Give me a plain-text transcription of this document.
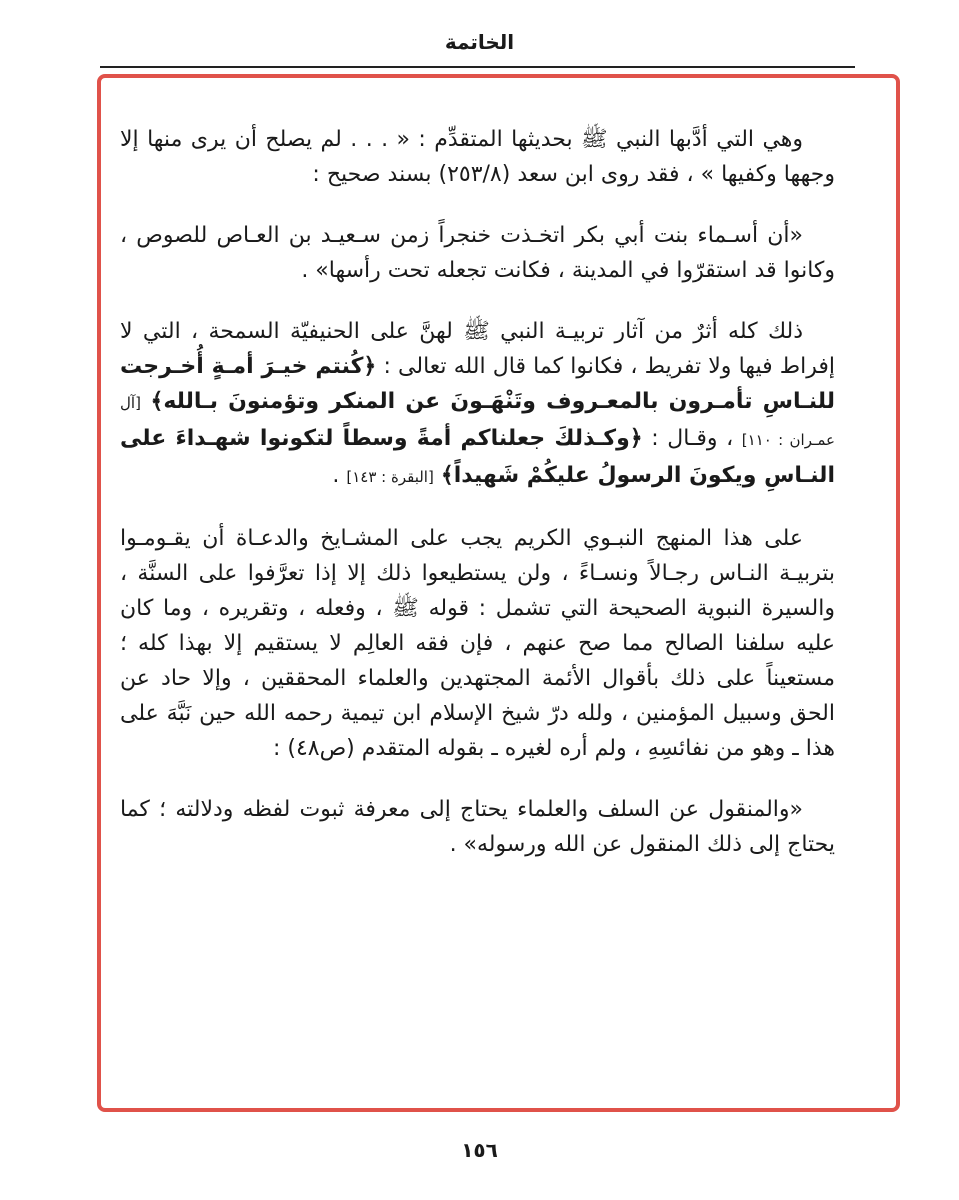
الخاتمة

وهي التي أدَّبها النبي ﷺ بحديثها المتقدِّم : « . . . لم يصلح أن يرى منها إلا وجهها وكفيها » ، فقد روى ابن سعد (٢٥٣/٨) بسند صحيح :

«أن أسـماء بنت أبي بكر اتخـذت خنجراً زمن سـعيـد بن العـاص للصوص ، وكانوا قد استقرّوا في المدينة ، فكانت تجعله تحت رأسها» .

ذلك كله أثرٌ من آثار تربيـة النبي ﷺ لهنَّ على الحنيفيّة السمحة ، التي لا إفراط فيها ولا تفريط ، فكانوا كما قال الله تعالى : ﴿كُنتم خيـرَ أمـةٍ أُخـرجت للنـاسِ تأمـرون بالمعـروف وتَنْهَـونَ عن المنكر وتؤمنونَ بـالله﴾ [آل عمـران : ١١٠] ، وقـال : ﴿وكـذلكَ جعلناكم أمةً وسطاً لتكونوا شهـداءَ على النـاسِ ويكونَ الرسولُ عليكُمْ شَهيداً﴾ [البقرة : ١٤٣] .

على هذا المنهج النبـوي الكريم يجب على المشـايخ والدعـاة أن يقـومـوا بتربيـة النـاس رجـالاً ونسـاءً ، ولن يستطيعوا ذلك إلا إذا تعرَّفوا على السنَّة ، والسيرة النبوية الصحيحة التي تشمل : قوله ﷺ ، وفعله ، وتقريره ، وما كان عليه سلفنا الصالح مما صح عنهم ، فإن فقه العالِم لا يستقيم إلا بهذا كله ؛ مستعيناً على ذلك بأقوال الأئمة المجتهدين والعلماء المحققين ، وإلا حاد عن الحق وسبيل المؤمنين ، ولله درّ شيخ الإسلام ابن تيمية رحمه الله حين نَبَّهَ على هذا ـ وهو من نفائسِهِ ، ولم أره لغيره ـ بقوله المتقدم (ص٤٨) :

«والمنقول عن السلف والعلماء يحتاج إلى معرفة ثبوت لفظه ودلالته ؛ كما يحتاج إلى ذلك المنقول عن الله ورسوله» .

١٥٦
